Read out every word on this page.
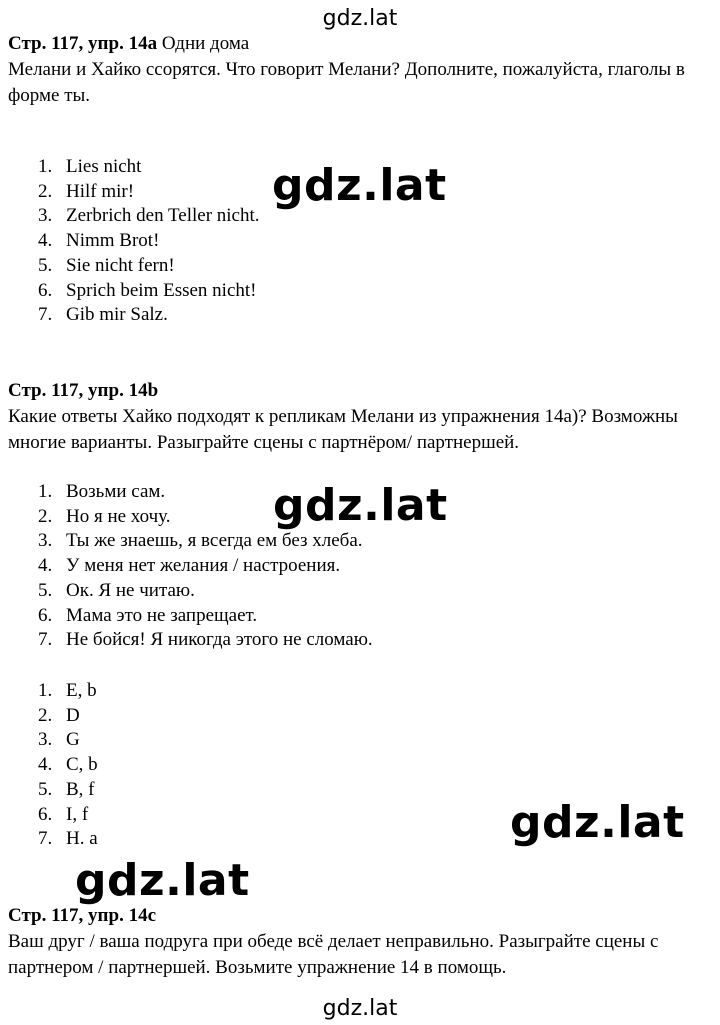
gdz.lat
Стр. 117, упр. 14a Одни дома
Мелани и Хайко ссорятся. Что говорит Мелани? Дополните, пожалуйста, глаголы в форме ты.
1. Lies nicht
2. Hilf mir!
3. Zerbrich den Teller nicht.
4. Nimm Brot!
5. Sie nicht fern!
6. Sprich beim Essen nicht!
7. Gib mir Salz.
gdz.lat
Стр. 117, упр. 14b
Какие ответы Хайко подходят к репликам Мелани из упражнения 14а)? Возможны многие варианты. Разыграйте сцены с партнёром/ партнершей.
1. Возьми сам.
2. Но я не хочу.
3. Ты же знаешь, я всегда ем без хлеба.
4. У меня нет желания / настроения.
5. Ок. Я не читаю.
6. Мама это не запрещает.
7. Не бойся! Я никогда этого не сломаю.
gdz.lat
1. E, b
2. D
3. G
4. C, b
5. B, f
6. I, f
7. H. a	gdz.lat
Стр. 117, упр. 14c
Ваш друг / ваша подруга при обеде всё делает неправильно. Разыграйте сцены с партнером / партнершей. Возьмите упражнение 14 в помощь.
gdz.lat
gdz.lat
